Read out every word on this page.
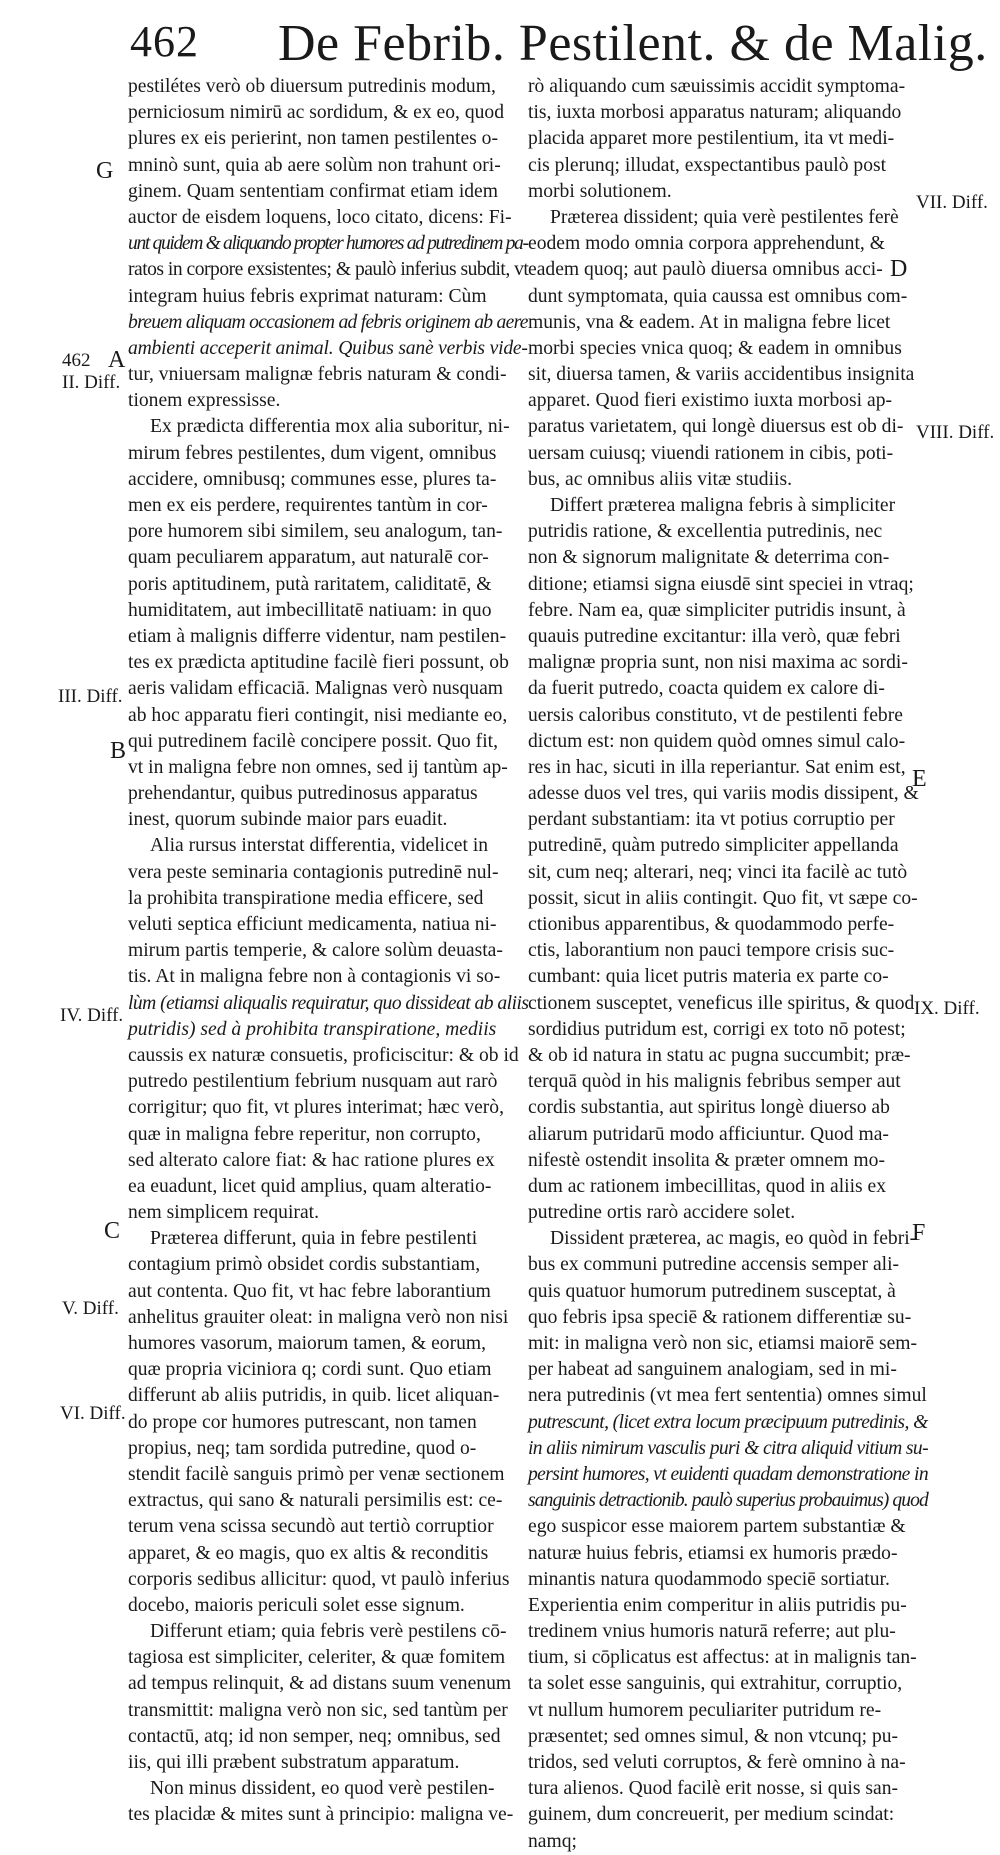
462 De Febrib. Pestilent. & de Malig.
pestilétes verò ob diuersum putredinis modum,
perniciosum nimirū ac sordidum, & ex eo, quod
plures ex eis perierint, non tamen pestilentes o-
mninò sunt, quia ab aere solùm non trahunt ori-
ginem. Quam sententiam confirmat etiam idem
auctor de eisdem loquens, loco citato, dicens: Fi-
unt quidem & aliquando propter humores ad putredinem pa-
ratos in corpore exsistentes; & paulò inferius subdit, vt
integram huius febris exprimat naturam: Cùm
breuem aliquam occasionem ad febris originem ab aere
ambienti acceperit animal. Quibus sanè verbis vide-
tur, vniuersam malignæ febris naturam & condi-
tionem expressisse.
Ex prædicta differentia mox alia suboritur, ni-
mirum febres pestilentes, dum vigent, omnibus
accidere, omnibusq; communes esse, plures ta-
men ex eis perdere, requirentes tantùm in cor-
pore humorem sibi similem, seu analogum, tan-
quam peculiarem apparatum, aut naturalē cor-
poris aptitudinem, putà raritatem, caliditatē, &
humiditatem, aut imbecillitatē natiuam: in quo
etiam à malignis differre videntur, nam pestilen-
tes ex prædicta aptitudine facilè fieri possunt, ob
aeris validam efficaciā. Malignas verò nusquam
ab hoc apparatu fieri contingit, nisi mediante eo,
qui putredinem facilè concipere possit. Quo fit,
vt in maligna febre non omnes, sed ij tantùm ap-
prehendantur, quibus putredinosus apparatus
inest, quorum subinde maior pars euadit.
Alia rursus interstat differentia, videlicet in
vera peste seminaria contagionis putredinē nul-
la prohibita transpiratione media efficere, sed
veluti septica efficiunt medicamenta, natiua ni-
mirum partis temperie, & calore solùm deuasta-
tis. At in maligna febre non à contagionis vi so-
lùm (etiamsi aliqualis requiratur, quo dissideat ab aliis
putridis) sed à prohibita transpiratione, mediis
caussis ex naturæ consuetis, proficiscitur: & ob id
putredo pestilentium febrium nusquam aut rarò
corrigitur; quo fit, vt plures interimat; hæc verò,
quæ in maligna febre reperitur, non corrupto,
sed alterato calore fiat: & hac ratione plures ex
ea euadunt, licet quid amplius, quam alteratio-
nem simplicem requirat.
Præterea differunt, quia in febre pestilenti
contagium primò obsidet cordis substantiam,
aut contenta. Quo fit, vt hac febre laborantium
anhelitus grauiter oleat: in maligna verò non nisi
humores vasorum, maiorum tamen, & eorum,
quæ propria viciniora q; cordi sunt. Quo etiam
differunt ab aliis putridis, in quib. licet aliquan-
do prope cor humores putrescant, non tamen
propius, neq; tam sordida putredine, quod o-
stendit facilè sanguis primò per venæ sectionem
extractus, qui sano & naturali persimilis est: ce-
terum vena scissa secundò aut tertiò corruptior
apparet, & eo magis, quo ex altis & reconditis
corporis sedibus allicitur: quod, vt paulò inferius
docebo, maioris periculi solet esse signum.
Differunt etiam; quia febris verè pestilens cō-
tagiosa est simpliciter, celeriter, & quæ fomitem
ad tempus relinquit, & ad distans suum venenum
transmittit: maligna verò non sic, sed tantùm per
contactū, atq; id non semper, neq; omnibus, sed
iis, qui illi præbent substratum apparatum.
Non minus dissident, eo quod verè pestilen-
tes placidæ & mites sunt à principio: maligna ve-
rò aliquando cum sæuissimis accidit symptoma-
tis, iuxta morbosi apparatus naturam; aliquando
placida apparet more pestilentium, ita vt medi-
cis plerunq; illudat, exspectantibus paulò post
morbi solutionem.
Præterea dissident; quia verè pestilentes ferè
eodem modo omnia corpora apprehendunt, &
eadem quoq; aut paulò diuersa omnibus acci-
dunt symptomata, quia caussa est omnibus com-
munis, vna & eadem. At in maligna febre licet
morbi species vnica quoq; & eadem in omnibus
sit, diuersa tamen, & variis accidentibus insignita
apparet. Quod fieri existimo iuxta morbosi ap-
paratus varietatem, qui longè diuersus est ob di-
uersam cuiusq; viuendi rationem in cibis, poti-
bus, ac omnibus aliis vitæ studiis.
Differt præterea maligna febris à simpliciter
putridis ratione, & excellentia putredinis, nec
non & signorum malignitate & deterrima con-
ditione; etiamsi signa eiusdē sint speciei in vtraq;
febre. Nam ea, quæ simpliciter putridis insunt, à
quauis putredine excitantur: illa verò, quæ febri
malignæ propria sunt, non nisi maxima ac sordi-
da fuerit putredo, coacta quidem ex calore di-
uersis caloribus constituto, vt de pestilenti febre
dictum est: non quidem quòd omnes simul calo-
res in hac, sicuti in illa reperiantur. Sat enim est,
adesse duos vel tres, qui variis modis dissipent, &
perdant substantiam: ita vt potius corruptio per
putredinē, quàm putredo simpliciter appellanda
sit, cum neq; alterari, neq; vinci ita facilè ac tutò
possit, sicut in aliis contingit. Quo fit, vt sæpe co-
ctionibus apparentibus, & quodammodo perfe-
ctis, laborantium non pauci tempore crisis suc-
cumbant: quia licet putris materia ex parte co-
ctionem susceptet, veneficus ille spiritus, & quod
sordidius putridum est, corrigi ex toto nō potest;
& ob id natura in statu ac pugna succumbit; præ-
terquā quòd in his malignis febribus semper aut
cordis substantia, aut spiritus longè diuerso ab
aliarum putridarū modo afficiuntur. Quod ma-
nifestè ostendit insolita & præter omnem mo-
dum ac rationem imbecillitas, quod in aliis ex
putredine ortis rarò accidere solet.
Dissident præterea, ac magis, eo quòd in febri-
bus ex communi putredine accensis semper ali-
quis quatuor humorum putredinem susceptat, à
quo febris ipsa speciē & rationem differentiæ su-
mit: in maligna verò non sic, etiamsi maiorē sem-
per habeat ad sanguinem analogiam, sed in mi-
nera putredinis (vt mea fert sententia) omnes simul
putrescunt, (licet extra locum præcipuum putredinis, &
in aliis nimirum vasculis puri & citra aliquid vitium su-
persint humores, vt euidenti quadam demonstratione in
sanguinis detractionib. paulò superius probauimus) quod
ego suspicor esse maiorem partem substantiæ &
naturæ huius febris, etiamsi ex humoris prædo-
minantis natura quodammodo speciē sortiatur.
Experientia enim comperitur in aliis putridis pu-
tredinem vnius humoris naturā referre; aut plu-
tium, si cōplicatus est affectus: at in malignis tan-
ta solet esse sanguinis, qui extrahitur, corruptio,
vt nullum humorem peculiariter putridum re-
præsentet; sed omnes simul, & non vtcunq; pu-
tridos, sed veluti corruptos, & ferè omnino à na-
tura alienos. Quod facilè erit nosse, si quis san-
guinem, dum concreuerit, per medium scindat:
namq;
G
462 A
II. Diff.
III. Diff.
B
IV. Diff.
C
V. Diff.
VI. Diff.
VII. Diff.
D
VIII. Diff.
E
IX. Diff.
F
